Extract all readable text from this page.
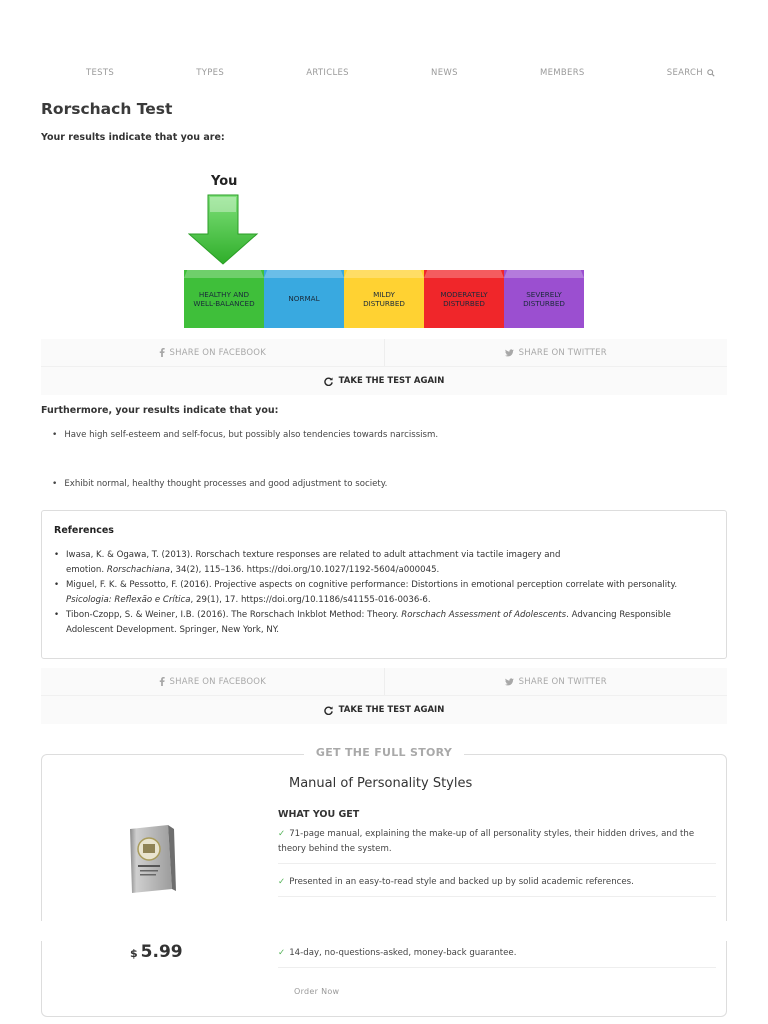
TESTS	TYPES	ARTICLES	NEWS	MEMBERS	SEARCH
Rorschach Test
Your results indicate that you are:
You
HEALTHY AND
WELL-BALANCED
NORMAL
MILDY
DISTURBED
MODERATELY
DISTURBED
SEVERELY
DISTURBED
SHARE ON FACEBOOK	SHARE ON TWITTER
TAKE THE TEST AGAIN
Furthermore, your results indicate that you:
• Have high self-esteem and self-focus, but possibly also tendencies towards narcissism.
• Exhibit normal, healthy thought processes and good adjustment to society.
References
• Iwasa, K. & Ogawa, T. (2013). Rorschach texture responses are related to adult attachment via tactile imagery and
emotion. Rorschachiana, 34(2), 115–136. https://doi.org/10.1027/1192-5604/a000045.
• Miguel, F. K. & Pessotto, F. (2016). Projective aspects on cognitive performance: Distortions in emotional perception correlate with personality.
Psicologia: Reflexão e Crítica, 29(1), 17. https://doi.org/10.1186/s41155-016-0036-6.
• Tibon-Czopp, S. & Weiner, I.B. (2016). The Rorschach Inkblot Method: Theory. Rorschach Assessment of Adolescents. Advancing Responsible
Adolescent Development. Springer, New York, NY.
SHARE ON FACEBOOK	SHARE ON TWITTER
TAKE THE TEST AGAIN
GET THE FULL STORY
Manual of Personality Styles
WHAT YOU GET
✓ 71-page manual, explaining the make-up of all personality styles, their hidden drives, and the theory behind the system.
✓ Presented in an easy-to-read style and backed up by solid academic references.
$ 5.99	✓ 14-day, no-questions-asked, money-back guarantee.
Order Now
